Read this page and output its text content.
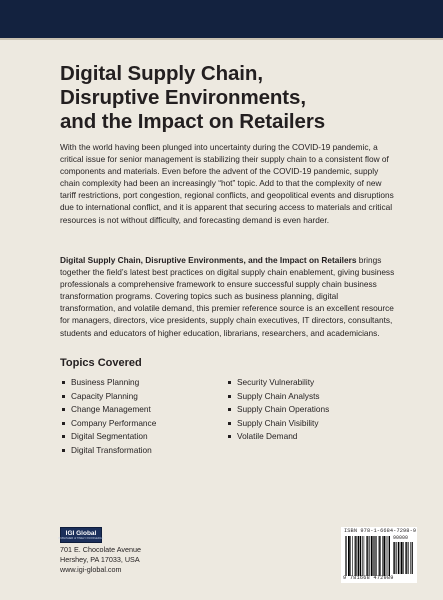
Digital Supply Chain,
Disruptive Environments,
and the Impact on Retailers

With the world having been plunged into uncertainty during the COVID-19 pandemic, a critical issue for senior management is stabilizing their supply chain to a consistent flow of components and materials. Even before the advent of the COVID-19 pandemic, supply chain complexity had been an increasingly “hot” topic. Add to that the complexity of new tariff restrictions, port congestion, regional conflicts, and geopolitical events and disruptions due to international conflict, and it is apparent that securing access to materials and critical resources is not without difficulty, and forecasting demand is even harder.

Digital Supply Chain, Disruptive Environments, and the Impact on Retailers brings together the field’s latest best practices on digital supply chain enablement, giving business professionals a comprehensive framework to ensure successful supply chain business transformation programs. Covering topics such as business planning, digital transformation, and volatile demand, this premier reference source is an excellent resource for managers, directors, vice presidents, supply chain executives, IT directors, consultants, students and educators of higher education, librarians, researchers, and academicians.

Topics Covered
Business Planning
Capacity Planning
Change Management
Company Performance
Digital Segmentation
Digital Transformation
Security Vulnerability
Supply Chain Analysts
Supply Chain Operations
Supply Chain Visibility
Volatile Demand
IGI Global
PUBLISHER of TIMELY KNOWLEDGE

701 E. Chocolate Avenue
Hershey, PA 17033, USA
www.igi-global.com

ISBN 978-1-6684-7298-9
90000
9 781668 472989
